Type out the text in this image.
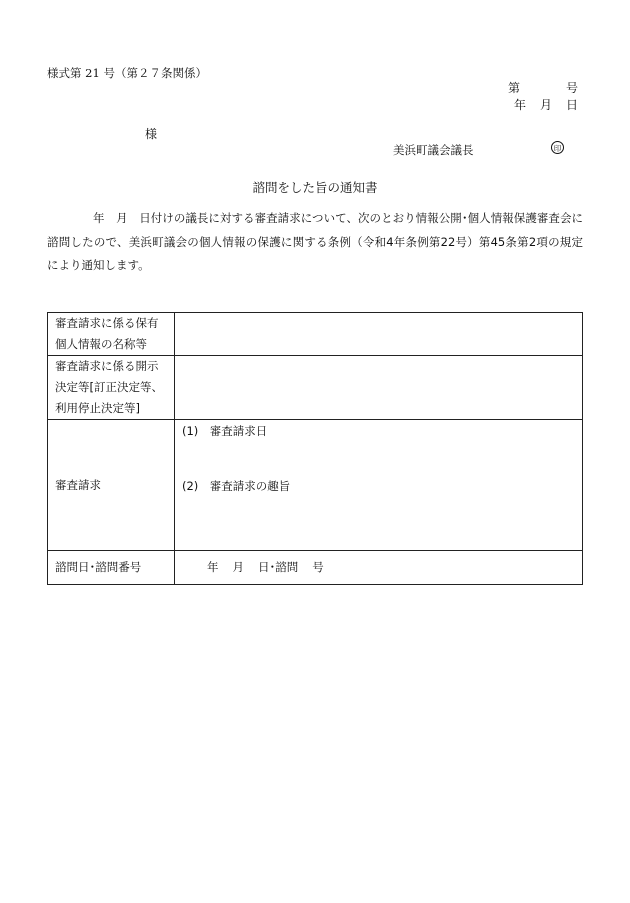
様式第 21 号（第２７条関係）
第	号
年 月 日
様
美浜町議会議長	印
諮問をした旨の通知書
年　月　日付けの議長に対する審査請求について、次のとおり情報公開･個人情報保護審査会に諮問したので、美浜町議会の個人情報の保護に関する条例（令和4年条例第22号）第45条第2項の規定により通知します。
審査請求に係る保有
個人情報の名称等	

審査請求に係る開示
決定等[訂正決定等、
利用停止決定等]	

審査請求	(1)　審査請求日
(2)　審査請求の趣旨

諮問日･諮問番号	年 月 日･諮問 号
